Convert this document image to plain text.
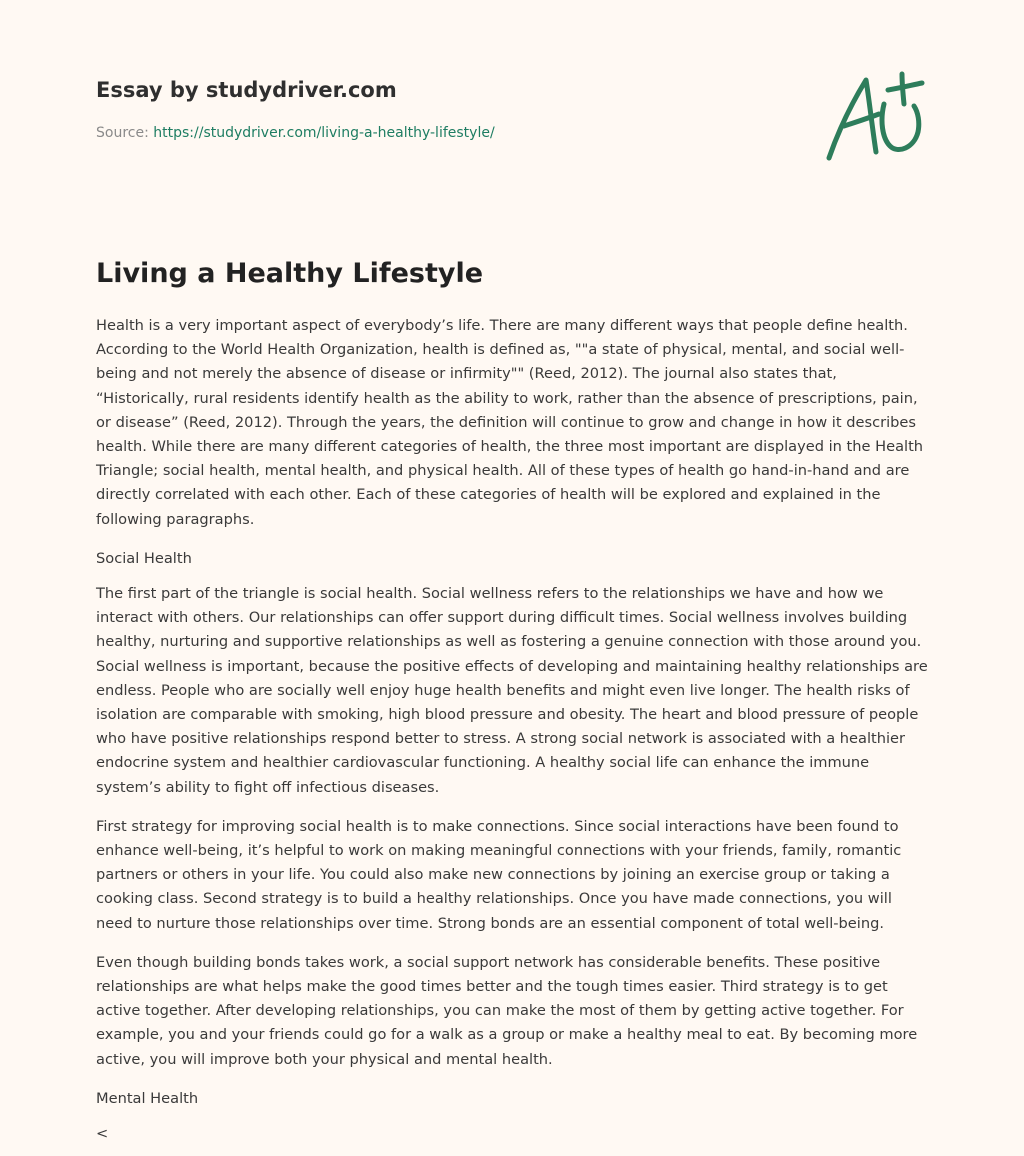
Essay by studydriver.com
Source: https://studydriver.com/living-a-healthy-lifestyle/
Living a Healthy Lifestyle

Health is a very important aspect of everybody’s life. There are many different ways that people define health. According to the World Health Organization, health is defined as, ""a state of physical, mental, and social well-being and not merely the absence of disease or infirmity"" (Reed, 2012). The journal also states that, “Historically, rural residents identify health as the ability to work, rather than the absence of prescriptions, pain, or disease” (Reed, 2012). Through the years, the definition will continue to grow and change in how it describes health. While there are many different categories of health, the three most important are displayed in the Health Triangle; social health, mental health, and physical health. All of these types of health go hand-in-hand and are directly correlated with each other. Each of these categories of health will be explored and explained in the following paragraphs.

Social Health

The first part of the triangle is social health. Social wellness refers to the relationships we have and how we interact with others. Our relationships can offer support during difficult times. Social wellness involves building healthy, nurturing and supportive relationships as well as fostering a genuine connection with those around you. Social wellness is important, because the positive effects of developing and maintaining healthy relationships are endless. People who are socially well enjoy huge health benefits and might even live longer. The health risks of isolation are comparable with smoking, high blood pressure and obesity. The heart and blood pressure of people who have positive relationships respond better to stress. A strong social network is associated with a healthier endocrine system and healthier cardiovascular functioning. A healthy social life can enhance the immune system’s ability to fight off infectious diseases.

First strategy for improving social health is to make connections. Since social interactions have been found to enhance well-being, it’s helpful to work on making meaningful connections with your friends, family, romantic partners or others in your life. You could also make new connections by joining an exercise group or taking a cooking class. Second strategy is to build a healthy relationships. Once you have made connections, you will need to nurture those relationships over time. Strong bonds are an essential component of total well-being.

Even though building bonds takes work, a social support network has considerable benefits. These positive relationships are what helps make the good times better and the tough times easier. Third strategy is to get active together. After developing relationships, you can make the most of them by getting active together. For example, you and your friends could go for a walk as a group or make a healthy meal to eat. By becoming more active, you will improve both your physical and mental health.

Mental Health

<
